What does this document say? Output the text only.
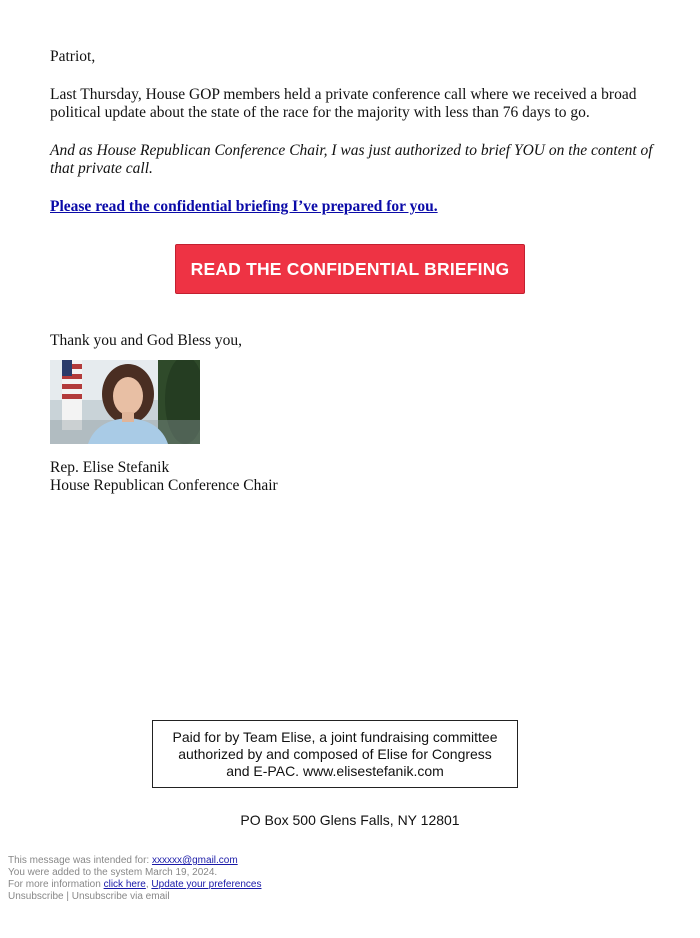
Patriot,

Last Thursday, House GOP members held a private conference call where we received a broad political update about the state of the race for the majority with less than 76 days to go.

And as House Republican Conference Chair, I was just authorized to brief YOU on the content of that private call.

Please read the confidential briefing I’ve prepared for you.
READ THE CONFIDENTIAL BRIEFING

Thank you and God Bless you,

Rep. Elise Stefanik

House Republican Conference Chair

Paid for by Team Elise, a joint fundraising committee authorized by and composed of Elise for Congress and E-PAC. www.elisestefanik.com
PO Box 500 Glens Falls, NY 12801
This message was intended for: xxxxxx@gmail.com
You were added to the system March 19, 2024.
For more information click here, Update your preferences
Unsubscribe | Unsubscribe via email
